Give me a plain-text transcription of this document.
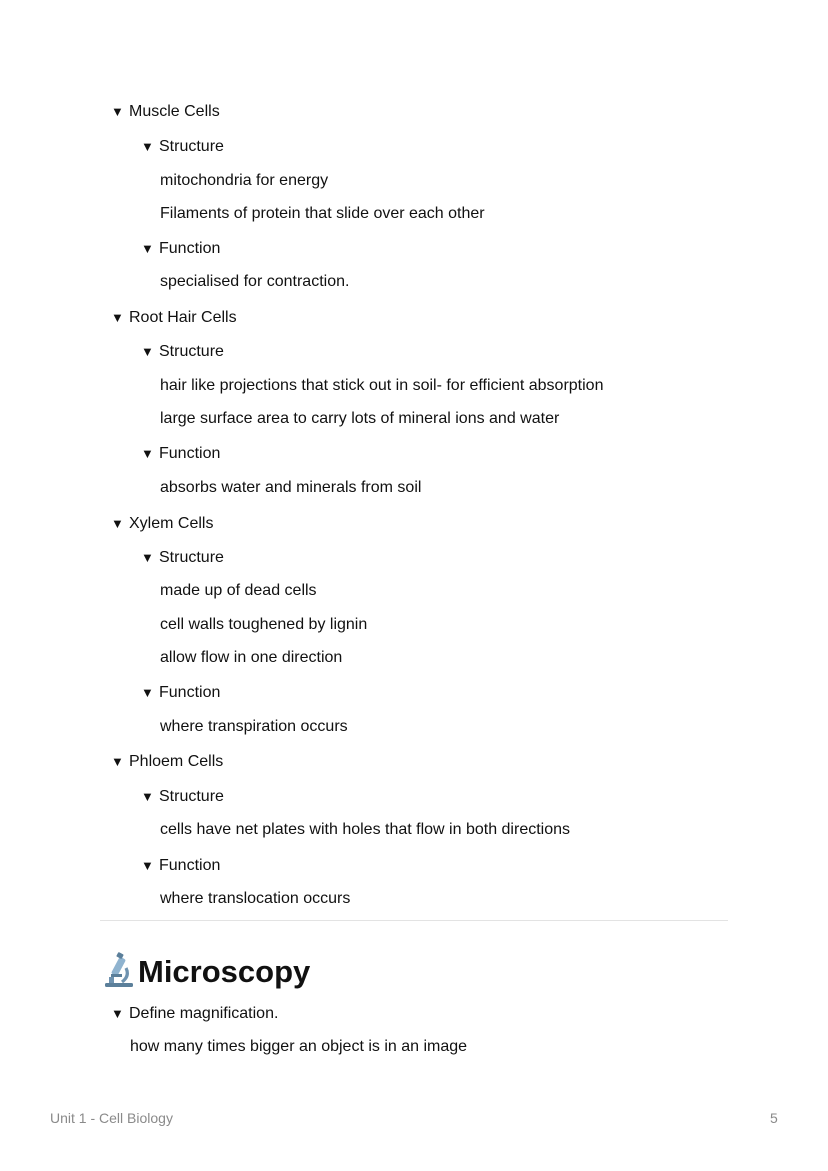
▼ Muscle Cells
▼ Structure
mitochondria for energy
Filaments of protein that slide over each other
▼ Function
specialised for contraction.
▼ Root Hair Cells
▼ Structure
hair like projections that stick out in soil- for efficient absorption
large surface area to carry lots of mineral ions and water
▼ Function
absorbs water and minerals from soil
▼ Xylem Cells
▼ Structure
made up of dead cells
cell walls toughened by lignin
allow flow in one direction
▼ Function
where transpiration occurs
▼ Phloem Cells
▼ Structure
cells have net plates with holes that flow in both directions
▼ Function
where translocation occurs
Microscopy
▼ Define magnification.
how many times bigger an object is in an image
Unit 1 - Cell Biology	5
